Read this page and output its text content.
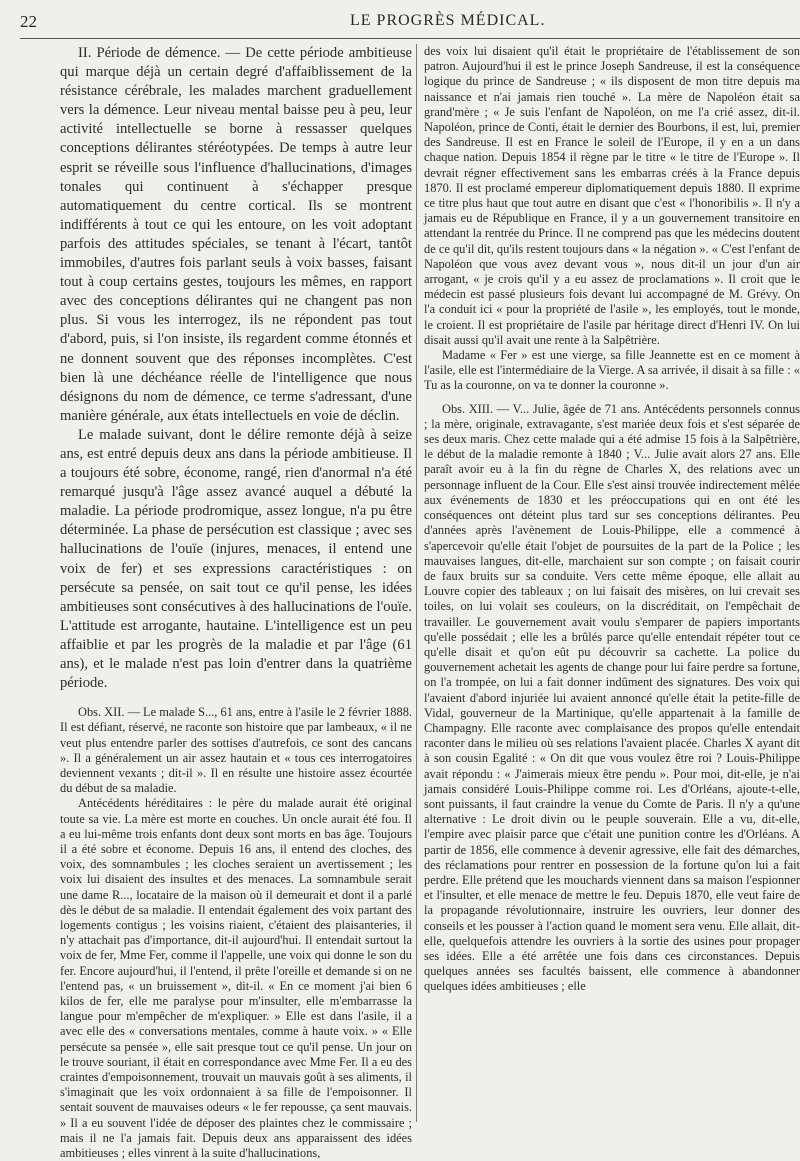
22	LE PROGRÈS MÉDICAL.

II. Période de démence. — De cette période ambitieuse qui marque déjà un certain degré d'affaiblissement de la résistance cérébrale, les malades marchent graduellement vers la démence. Leur niveau mental baisse peu à peu, leur activité intellectuelle se borne à ressasser quelques conceptions délirantes stéréotypées. De temps à autre leur esprit se réveille sous l'influence d'hallucinations, d'images tonales qui continuent à s'échapper presque automatiquement du centre cortical. Ils se montrent indifférents à tout ce qui les entoure, on les voit adoptant parfois des attitudes spéciales, se tenant à l'écart, tantôt immobiles, d'autres fois parlant seuls à voix basses, faisant tout à coup certains gestes, toujours les mêmes, en rapport avec des conceptions délirantes qui ne changent pas non plus. Si vous les interrogez, ils ne répondent pas tout d'abord, puis, si l'on insiste, ils regardent comme étonnés et ne donnent souvent que des réponses incomplètes. C'est bien là une déchéance réelle de l'intelligence que nous désignons du nom de démence, ce terme s'adressant, d'une manière générale, aux états intellectuels en voie de déclin.

Le malade suivant, dont le délire remonte déjà à seize ans, est entré depuis deux ans dans la période ambitieuse. Il a toujours été sobre, économe, rangé, rien d'anormal n'a été remarqué jusqu'à l'âge assez avancé auquel a débuté la maladie. La période prodromique, assez longue, n'a pu être déterminée. La phase de persécution est classique ; avec ses hallucinations de l'ouïe (injures, menaces, il entend une voix de fer) et ses expressions caractéristiques : on persécute sa pensée, on sait tout ce qu'il pense, les idées ambitieuses sont consécutives à des hallucinations de l'ouïe. L'attitude est arrogante, hautaine. L'intelligence est un peu affaiblie et par les progrès de la maladie et par l'âge (61 ans), et le malade n'est pas loin d'entrer dans la quatrième période.

Obs. XII. — Le malade S..., 61 ans, entre à l'asile le 2 février 1888. Il est défiant, réservé, ne raconte son histoire que par lambeaux, « il ne veut plus entendre parler des sottises d'autrefois, ce sont des cancans ». Il a généralement un air assez hautain et « tous ces interrogatoires deviennent vexants ; dit-il ». Il en résulte une histoire assez écourtée du début de sa maladie.

Antécédents héréditaires : le père du malade aurait été original toute sa vie. La mère est morte en couches. Un oncle aurait été fou. Il a eu lui-même trois enfants dont deux sont morts en bas âge. Toujours il a été sobre et économe. Depuis 16 ans, il entend des cloches, des voix, des somnambules ; les cloches seraient un avertissement ; les voix lui disaient des insultes et des menaces. La somnambule serait une dame R..., locataire de la maison où il demeurait et dont il a parlé dès le début de sa maladie. Il entendait également des voix partant des logements contigus ; les voisins riaient, c'étaient des plaisanteries, il n'y attachait pas d'importance, dit-il aujourd'hui. Il entendait surtout la voix de fer, Mme Fer, comme il l'appelle, une voix qui donne le son du fer. Encore aujourd'hui, il l'entend, il prête l'oreille et demande si on ne l'entend pas, « un bruissement », dit-il. « En ce moment j'ai bien 6 kilos de fer, elle me paralyse pour m'insulter, elle m'embarrasse la langue pour m'empêcher de m'expliquer. » Elle est dans l'asile, il a avec elle des « conversations mentales, comme à haute voix. » « Elle persécute sa pensée », elle sait presque tout ce qu'il pense. Un jour on le trouve souriant, il était en correspondance avec Mme Fer. Il a eu des craintes d'empoisonnement, trouvait un mauvais goût à ses aliments, il s'imaginait que les voix ordonnaient à sa fille de l'empoisonner. Il sentait souvent de mauvaises odeurs « le fer repousse, ça sent mauvais. » Il a eu souvent l'idée de déposer des plaintes chez le commissaire ; mais il ne l'a jamais fait. Depuis deux ans apparaissent des idées ambitieuses ; elles vinrent à la suite d'hallucinations,

des voix lui disaient qu'il était le propriétaire de l'établissement de son patron. Aujourd'hui il est le prince Joseph Sandreuse, il est la conséquence logique du prince de Sandreuse ; « ils disposent de mon titre depuis ma naissance et n'ai jamais rien touché ». La mère de Napoléon était sa grand'mère ; « Je suis l'enfant de Napoléon, on me l'a crié assez, dit-il. Napoléon, prince de Conti, était le dernier des Bourbons, il est, lui, premier des Sandreuse. Il est en France le soleil de l'Europe, il y en a un dans chaque nation. Depuis 1854 il règne par le titre « le titre de l'Europe ». Il devrait régner effectivement sans les embarras créés à la France depuis 1870. Il est proclamé empereur diplomatiquement depuis 1880. Il exprime ce titre plus haut que tout autre en disant que c'est « l'honoribilis ». Il n'y a jamais eu de République en France, il y a un gouvernement transitoire en attendant la rentrée du Prince. Il ne comprend pas que les médecins doutent de ce qu'il dit, qu'ils restent toujours dans « la négation ». « C'est l'enfant de Napoléon que vous avez devant vous », nous dit-il un jour d'un air arrogant, « je crois qu'il y a eu assez de proclamations ». Il croit que le médecin est passé plusieurs fois devant lui accompagné de M. Grévy. On l'a conduit ici « pour la propriété de l'asile », les employés, tout le monde, le croient. Il est propriétaire de l'asile par héritage direct d'Henri IV. On lui disait aussi qu'il avait une rente à la Salpêtrière.

Madame « Fer » est une vierge, sa fille Jeannette est en ce moment à l'asile, elle est l'intermédiaire de la Vierge. A sa arrivée, il disait à sa fille : « Tu as la couronne, on va te donner la couronne ».

Obs. XIII. — V... Julie, âgée de 71 ans. Antécédents personnels connus ; la mère, originale, extravagante, s'est mariée deux fois et s'est séparée de ses deux maris. Chez cette malade qui a été admise 15 fois à la Salpêtrière, le début de la maladie remonte à 1840 ; V... Julie avait alors 27 ans. Elle paraît avoir eu à la fin du règne de Charles X, des relations avec un personnage influent de la Cour. Elle s'est ainsi trouvée indirectement mêlée aux événements de 1830 et les préoccupations qui en ont été les conséquences ont déteint plus tard sur ses conceptions délirantes. Peu d'années après l'avènement de Louis-Philippe, elle a commencé à s'apercevoir qu'elle était l'objet de poursuites de la part de la Police ; les mauvaises langues, dit-elle, marchaient sur son compte ; on faisait courir de faux bruits sur sa conduite. Vers cette même époque, elle allait au Louvre copier des tableaux ; on lui faisait des misères, on lui crevait ses toiles, on lui volait ses couleurs, on la discréditait, on l'empêchait de travailler. Le gouvernement avait voulu s'emparer de papiers importants qu'elle possédait ; elle les a brûlés parce qu'elle entendait répéter tout ce qu'elle disait et qu'on eût pu découvrir sa cachette. La police du gouvernement achetait les agents de change pour lui faire perdre sa fortune, on l'a trompée, on lui a fait donner indûment des signatures. Des voix qui l'avaient d'abord injuriée lui avaient annoncé qu'elle était la petite-fille de Vidal, gouverneur de la Martinique, qu'elle appartenait à la famille de Champagny. Elle raconte avec complaisance des propos qu'elle entendait raconter dans le milieu où ses relations l'avaient placée. Charles X ayant dit à son cousin Egalité : « On dit que vous voulez être roi ? Louis-Philippe avait répondu : « J'aimerais mieux être pendu ». Pour moi, dit-elle, je n'ai jamais considéré Louis-Philippe comme roi. Les d'Orléans, ajoute-t-elle, sont puissants, il faut craindre la venue du Comte de Paris. Il n'y a qu'une alternative : Le droit divin ou le peuple souverain. Elle a vu, dit-elle, l'empire avec plaisir parce que c'était une punition contre les d'Orléans. A partir de 1856, elle commence à devenir agressive, elle fait des démarches, des réclamations pour rentrer en possession de la fortune qu'on lui a fait perdre. Elle prétend que les mouchards viennent dans sa maison l'espionner et l'insulter, et elle menace de mettre le feu. Depuis 1870, elle veut faire de la propagande révolutionnaire, instruire les ouvriers, leur donner des conseils et les pousser à l'action quand le moment sera venu. Elle allait, dit-elle, quelquefois attendre les ouvriers à la sortie des usines pour propager ses idées. Elle a été arrêtée une fois dans ces circonstances. Depuis quelques années ses facultés baissent, elle commence à abandonner quelques idées ambitieuses ; elle
